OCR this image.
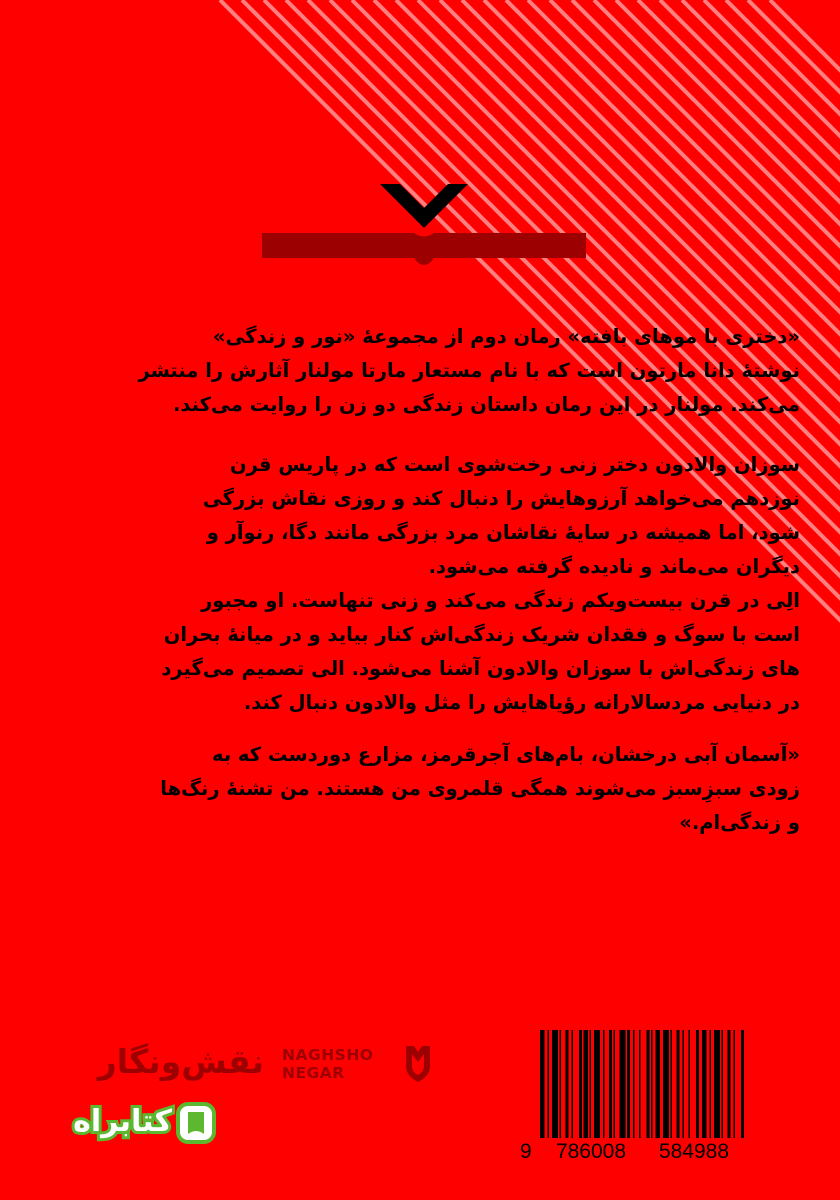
«دختری با موهای بافته» رمان دوم از مجموعهٔ «نور و زندگی»

نوشتهٔ دانا مارتون است که با نام مستعار مارتا مولنار آثارش را منتشر

می‌کند. مولنار در این رمان داستان زندگی دو زن را روایت می‌کند.

سوزان والادون دختر زنی رخت‌شوی است که در پاریس قرن

نوزدهم می‌خواهد آرزوهایش را دنبال کند و روزی نقاش بزرگی

شود، اما همیشه در سایهٔ نقاشان مرد بزرگی مانند دگا، رنوآر و

دیگران می‌ماند و نادیده گرفته می‌شود.

الِی در قرن بیست‌ویکم زندگی می‌کند و زنی تنهاست. او مجبور

است با سوگ و فقدان شریک زندگی‌اش کنار بیاید و در میانهٔ بحران

های زندگی‌اش با سوزان والادون آشنا می‌شود. الی تصمیم می‌گیرد

در دنیایی مردسالارانه رؤیاهایش را مثل والادون دنبال کند.

«آسمان آبی درخشان، بام‌های آجرقرمز، مزارع دوردست که به

زودی سبزِسبز می‌شوند همگی قلمروی من هستند. من تشنهٔ رنگ‌ها

و زندگی‌ام.»

نقش‌ونگار NAGHSHO
NEGAR
9	786008	584988
کتابراه
